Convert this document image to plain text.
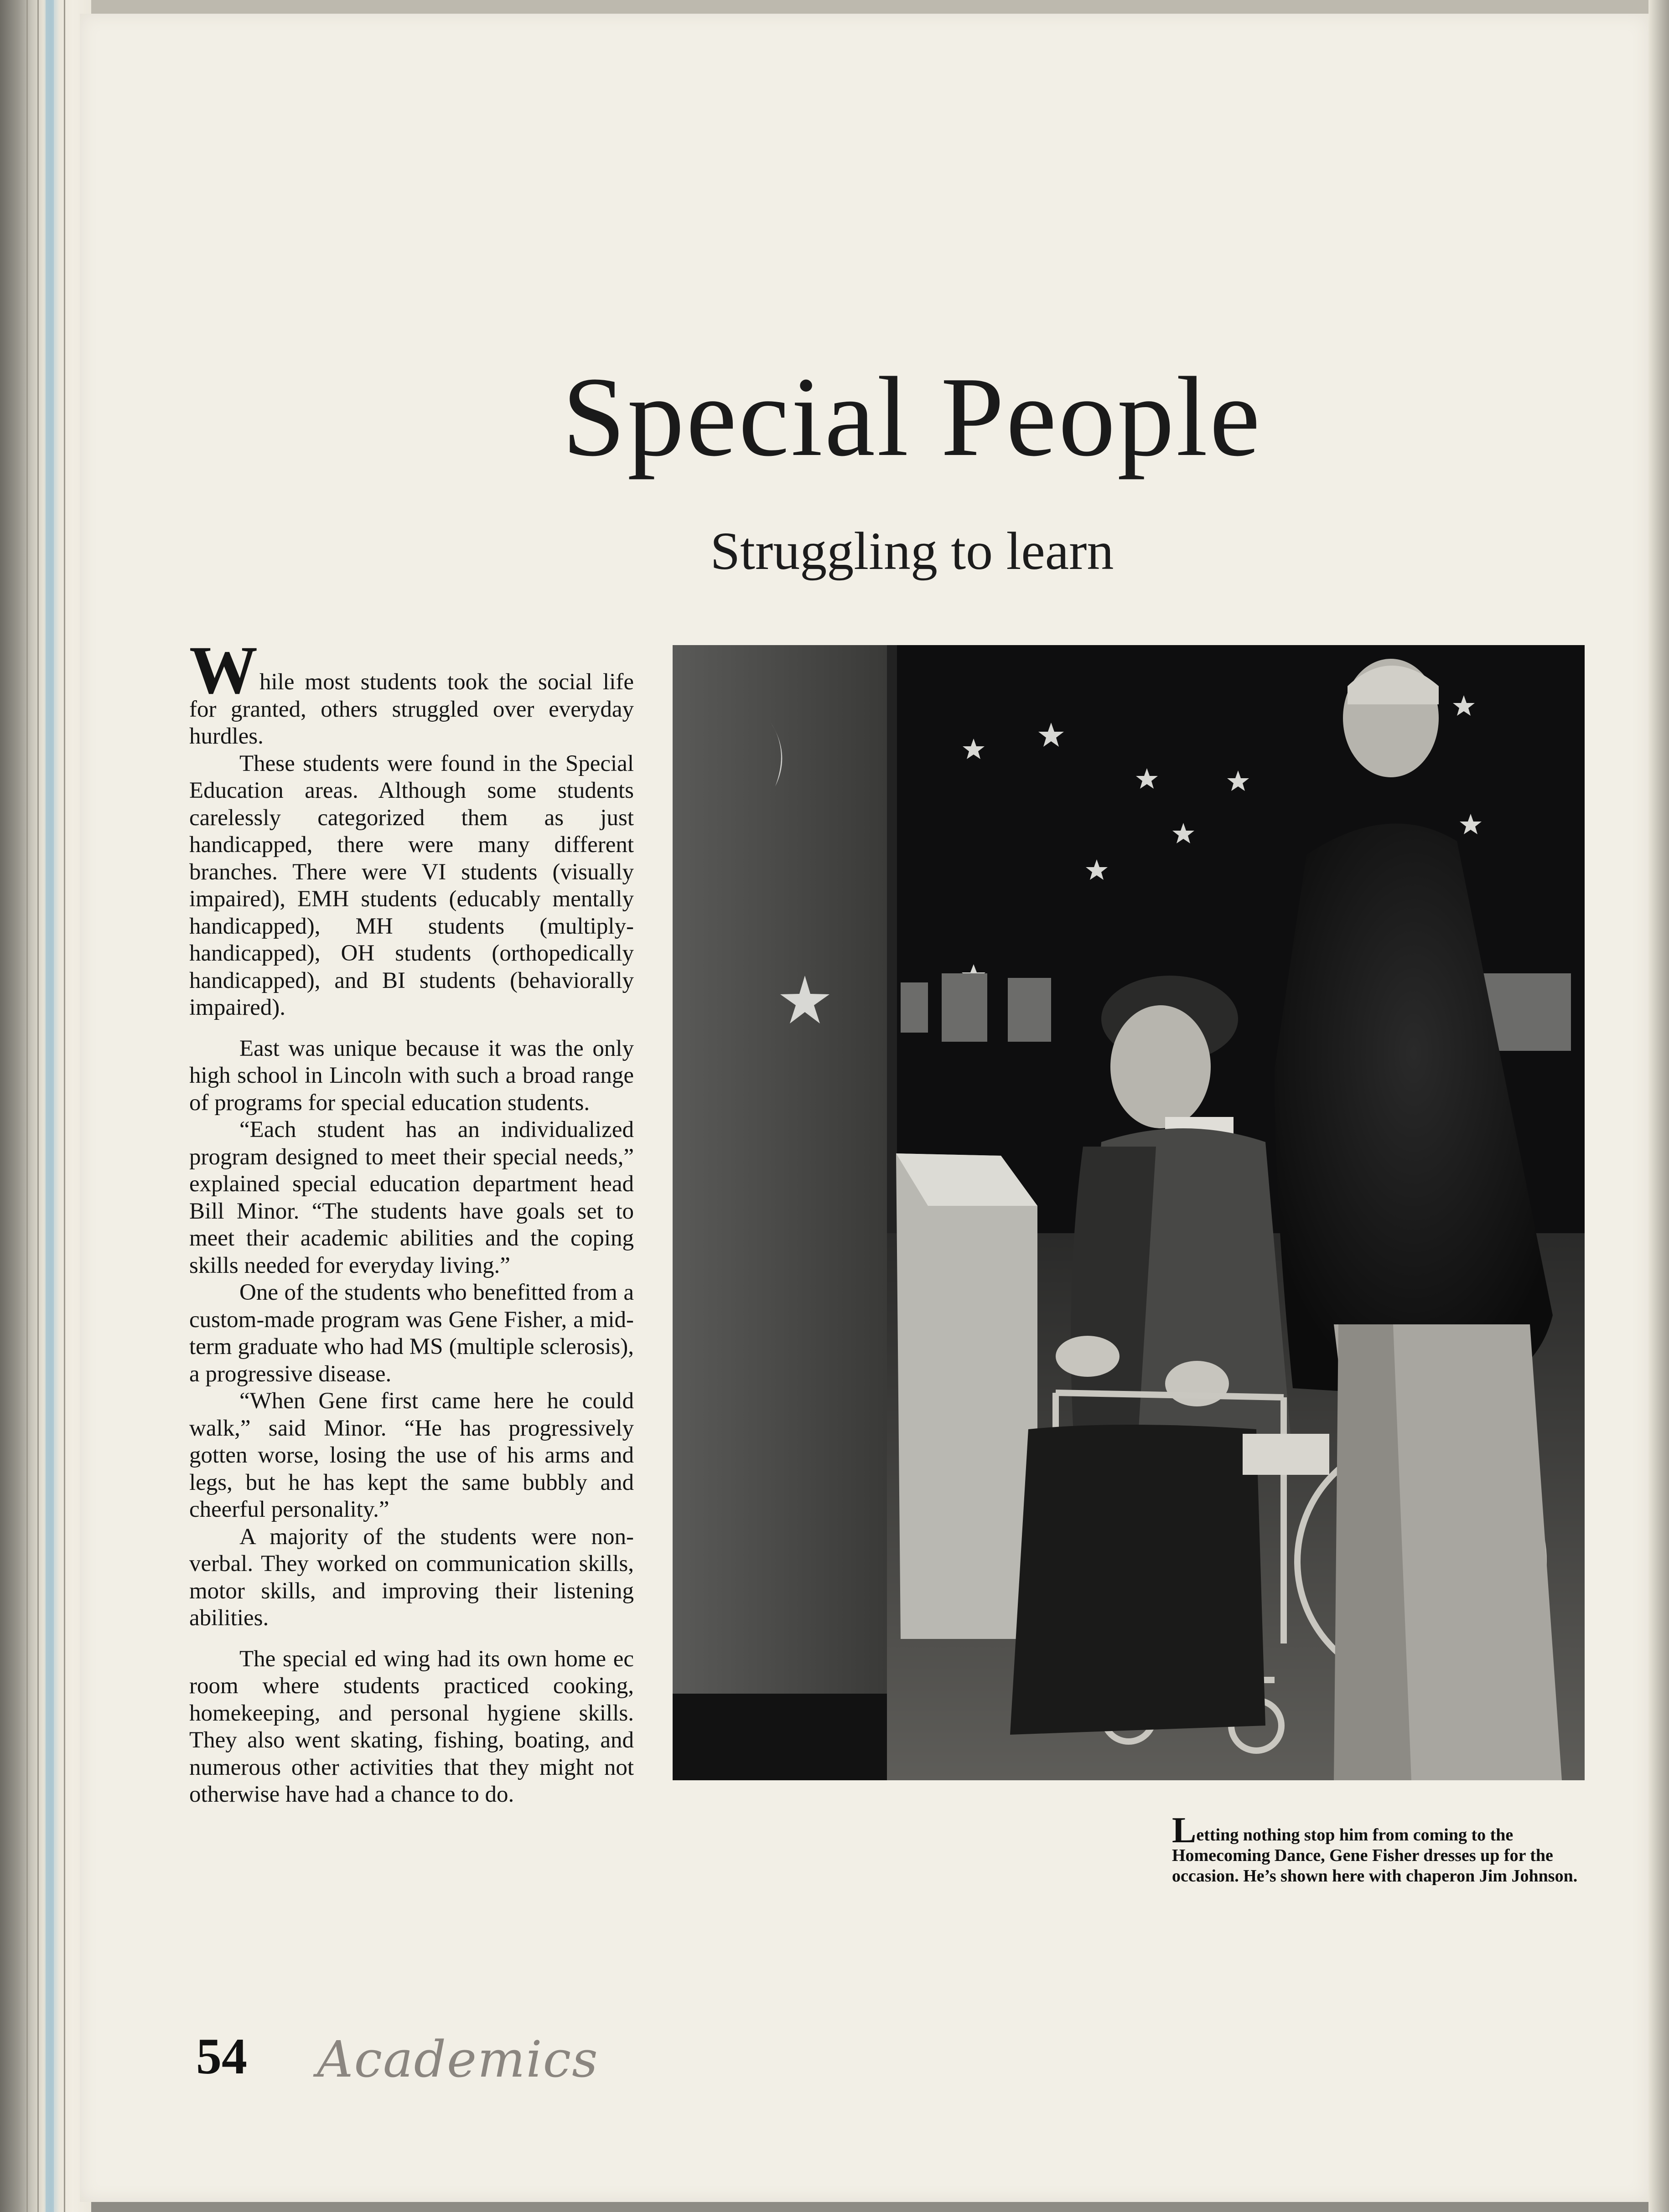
Special People
Struggling to learn

While most students took the social life for granted, others struggled over everyday hurdles.

These students were found in the Special Education areas. Although some students carelessly categorized them as just handicapped, there were many different branches. There were VI students (visually impaired), EMH students (educably mentally handicapped), MH students (multiply-handicapped), OH students (orthopedically handicapped), and BI students (behaviorally impaired).

East was unique because it was the only high school in Lincoln with such a broad range of programs for special education students.

“Each student has an individualized program designed to meet their special needs,” explained special education department head Bill Minor. “The students have goals set to meet their academic abilities and the coping skills needed for everyday living.”

One of the students who benefitted from a custom-made program was Gene Fisher, a mid-term graduate who had MS (multiple sclerosis), a progressive disease.

“When Gene first came here he could walk,” said Minor. “He has progressively gotten worse, losing the use of his arms and legs, but he has kept the same bubbly and cheerful personality.”

A majority of the students were non-verbal. They worked on communication skills, motor skills, and improving their listening abilities.

The special ed wing had its own home ec room where students practiced cooking, homekeeping, and personal hygiene skills. They also went skating, fishing, boating, and numerous other activities that they might not otherwise have had a chance to do.

Letting nothing stop him from coming to the Homecoming Dance, Gene Fisher dresses up for the occasion. He’s shown here with chaperon Jim Johnson.
54 Academics
